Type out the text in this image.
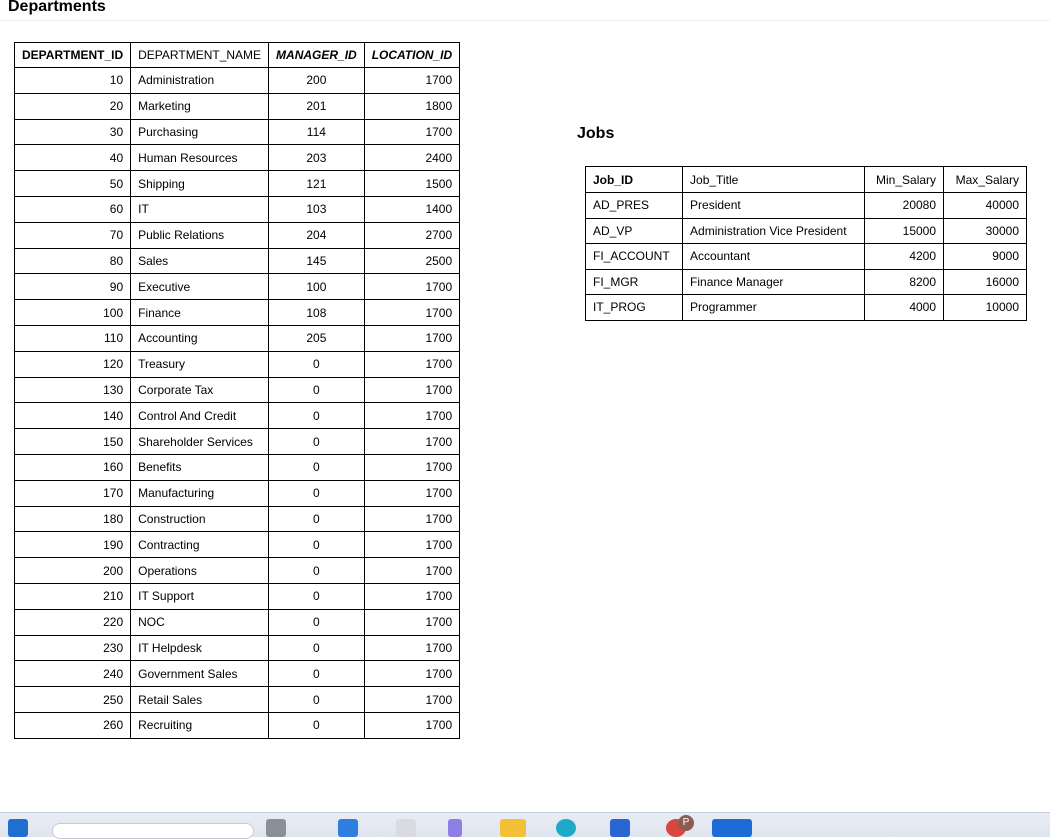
Departments
DEPARTMENT_ID	DEPARTMENT_NAME	MANAGER_ID	LOCATION_ID
10	Administration	200	1700
20	Marketing	201	1800
30	Purchasing	114	1700
40	Human Resources	203	2400
50	Shipping	121	1500
60	IT	103	1400
70	Public Relations	204	2700
80	Sales	145	2500
90	Executive	100	1700
100	Finance	108	1700
110	Accounting	205	1700
120	Treasury	0	1700
130	Corporate Tax	0	1700
140	Control And Credit	0	1700
150	Shareholder Services	0	1700
160	Benefits	0	1700
170	Manufacturing	0	1700
180	Construction	0	1700
190	Contracting	0	1700
200	Operations	0	1700
210	IT Support	0	1700
220	NOC	0	1700
230	IT Helpdesk	0	1700
240	Government Sales	0	1700
250	Retail Sales	0	1700
260	Recruiting	0	1700
Jobs
Job_ID	Job_Title	Min_Salary	Max_Salary
AD_PRES	President	20080	40000
AD_VP	Administration Vice President	15000	30000
FI_ACCOUNT	Accountant	4200	9000
FI_MGR	Finance Manager	8200	16000
IT_PROG	Programmer	4000	10000
P
